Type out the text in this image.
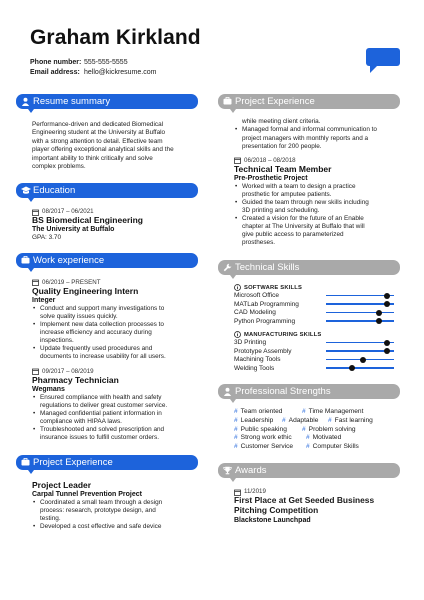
Graham Kirkland
Phone number: 555-555-5555
Email address: hello@kickresume.com
Resume summary
Performance-driven and dedicated Biomedical
Engineering student at the University at Buffalo
with a strong attention to detail. Effective team
player offering exceptional analytical skills and the
important ability to think critically and solve
complex problems.
Education
08/2017 – 06/2021
BS Biomedical Engineering
The University at Buffalo
GPA: 3.70
Work experience
06/2019 – PRESENT
Quality Engineering Intern
Integer
• Conduct and support many investigations to
solve quality issues quickly.
• Implement new data collection processes to
increase efficiency and accuracy during
inspections.
• Update frequently used procedures and
documents to increase usability for all users.
09/2017 – 08/2019
Pharmacy Technician
Wegmans
• Ensured compliance with health and safety
regulations to deliver great customer service.
• Managed confidential patient information in
compliance with HIPAA laws.
• Troubleshooted and solved prescription and
insurance issues to fulfill customer orders.
Project Experience
Project Leader
Carpal Tunnel Prevention Project
• Coordinated a small team through a design
process: research, prototype design, and
testing.
• Developed a cost effective and safe device
Project Experience
while meeting client criteria.
• Managed formal and informal communication to
project managers with monthly reports and a
presentation for 200 people.
06/2018 – 08/2018
Technical Team Member
Pre-Prosthetic Project
• Worked with a team to design a practice
prosthetic for amputee patients.
• Guided the team through new skills including
3D printing and scheduling.
• Created a vision for the future of an Enable
chapter at The University at Buffalo that will
give public access to parameterized
prostheses.
Technical Skills
SOFTWARE SKILLS
Microsoft Office
MATLab Programming
CAD Modeling
Python Programming
MANUFACTURING SKILLS
3D Printing
Prototype Assembly
Machining Tools
Welding Tools
Professional Strengths
# Team oriented	# Time Management
# Leadership # Adaptable # Fast learning
# Public speaking # Problem solving
# Strong work ethic # Motivated
# Customer Service # Computer Skills
Awards
11/2019
First Place at Get Seeded Business
Pitching Competition
Blackstone Launchpad
